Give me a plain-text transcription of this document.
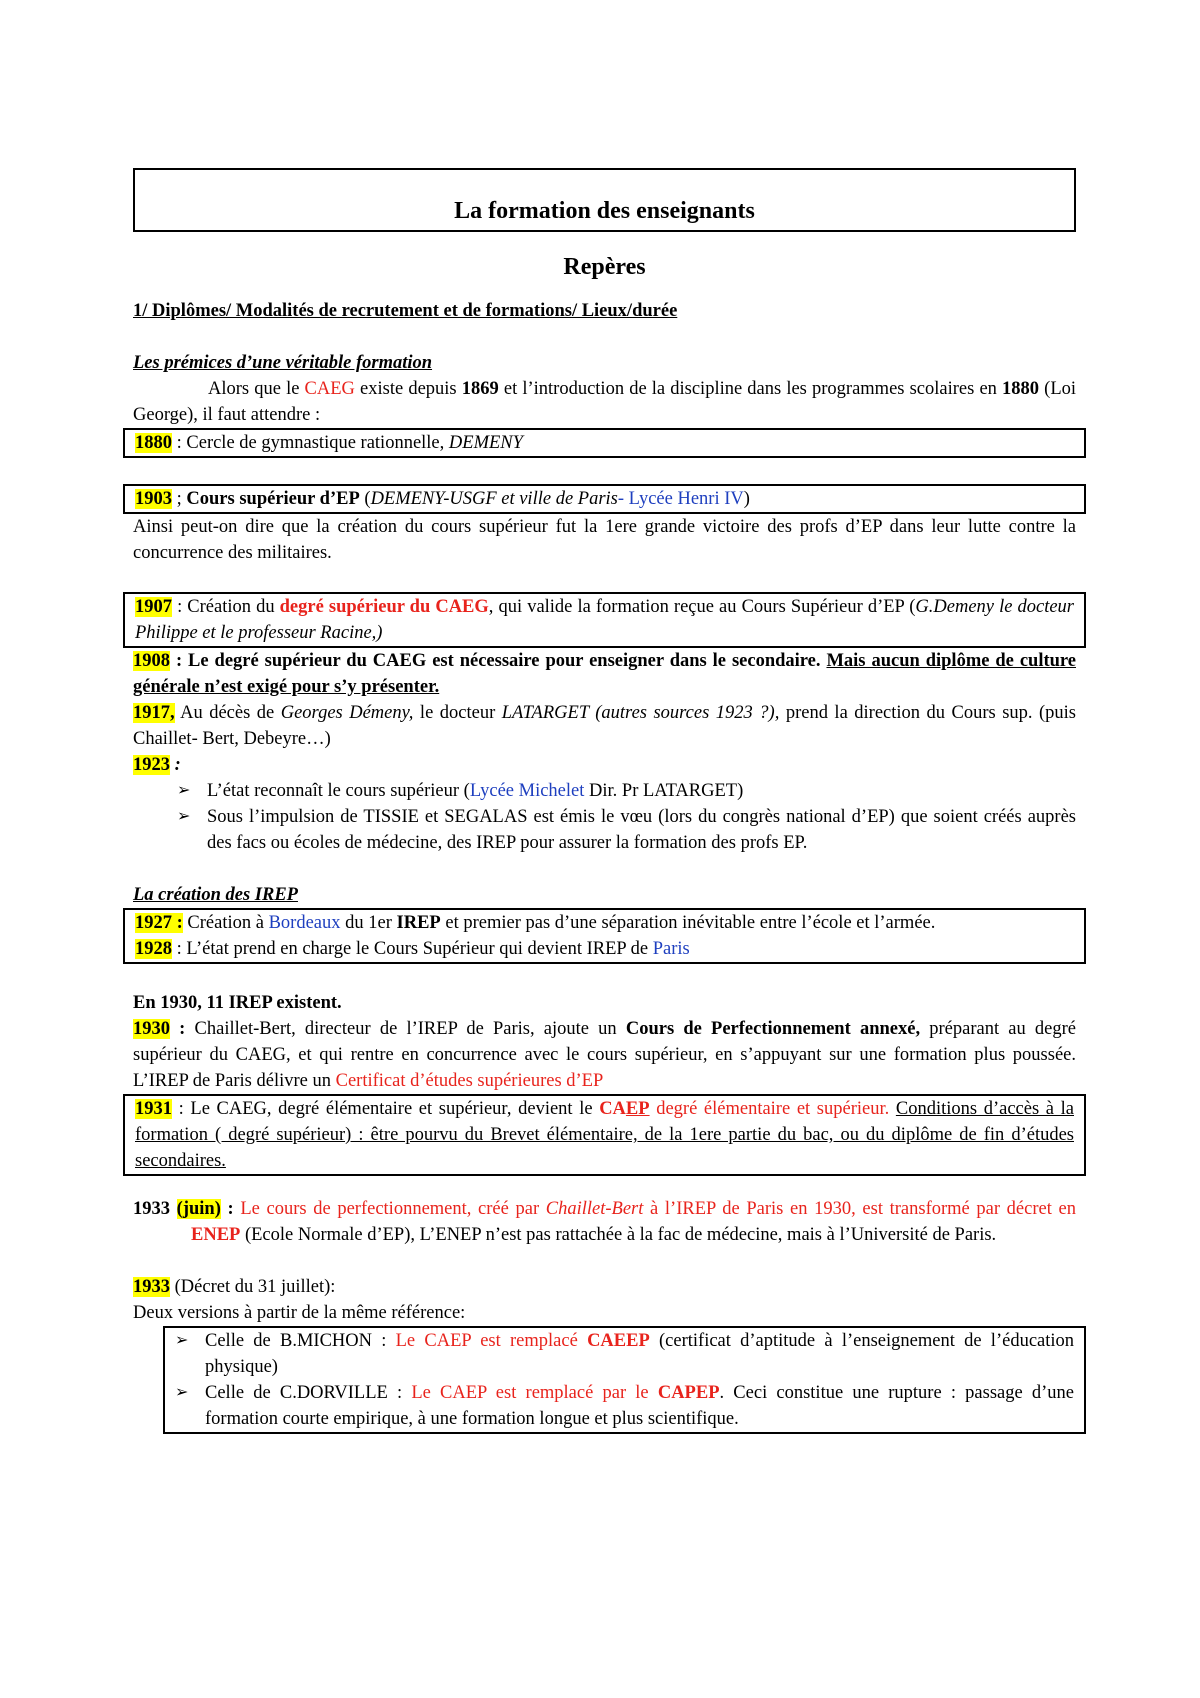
La formation des enseignants
Repères
1/ Diplômes/ Modalités de recrutement et de formations/ Lieux/durée
Les prémices d’une véritable formation

Alors que le CAEG existe depuis 1869 et l’introduction de la discipline dans les programmes scolaires en 1880 (Loi George), il faut attendre :

1880 : Cercle de gymnastique rationnelle, DEMENY

1903 ; Cours supérieur d’EP (DEMENY-USGF et ville de Paris- Lycée Henri IV)

Ainsi peut-on dire que la création du cours supérieur fut la 1ere grande victoire des profs d’EP dans leur lutte contre la concurrence des militaires.

1907 : Création du degré supérieur du CAEG, qui valide la formation reçue au Cours Supérieur d’EP (G.Demeny le docteur Philippe et le professeur Racine,)

1908 : Le degré supérieur du CAEG est nécessaire pour enseigner dans le secondaire. Mais aucun diplôme de culture générale n’est exigé pour s’y présenter.

1917, Au décès de Georges Démeny, le docteur LATARGET (autres sources 1923 ?), prend la direction du Cours sup. (puis Chaillet- Bert, Debeyre…)

1923 :

➢ L’état reconnaît le cours supérieur (Lycée Michelet Dir. Pr LATARGET)
➢ Sous l’impulsion de TISSIE et SEGALAS est émis le vœu (lors du congrès national d’EP) que soient créés auprès des facs ou écoles de médecine, des IREP pour assurer la formation des profs EP.
La création des IREP

1927 : Création à Bordeaux du 1er IREP et premier pas d’une séparation inévitable entre l’école et l’armée.

1928 : L’état prend en charge le Cours Supérieur qui devient IREP de Paris

En 1930, 11 IREP existent.

1930 : Chaillet-Bert, directeur de l’IREP de Paris, ajoute un Cours de Perfectionnement annexé, préparant au degré supérieur du CAEG, et qui rentre en concurrence avec le cours supérieur, en s’appuyant sur une formation plus poussée. L’IREP de Paris délivre un Certificat d’études supérieures d’EP

1931 : Le CAEG, degré élémentaire et supérieur, devient le CAEP degré élémentaire et supérieur. Conditions d’accès à la formation ( degré supérieur) : être pourvu du Brevet élémentaire, de la 1ere partie du bac, ou du diplôme de fin d’études secondaires.

1933 (juin) : Le cours de perfectionnement, créé par Chaillet-Bert à l’IREP de Paris en 1930, est transformé par décret en ENEP (Ecole Normale d’EP), L’ENEP n’est pas rattachée à la fac de médecine, mais à l’Université de Paris.

1933 (Décret du 31 juillet):

Deux versions à partir de la même référence:

➢ Celle de B.MICHON : Le CAEP est remplacé CAEEP (certificat d’aptitude à l’enseignement de l’éducation physique)
➢ Celle de C.DORVILLE : Le CAEP est remplacé par le CAPEP. Ceci constitue une rupture : passage d’une formation courte empirique, à une formation longue et plus scientifique.
